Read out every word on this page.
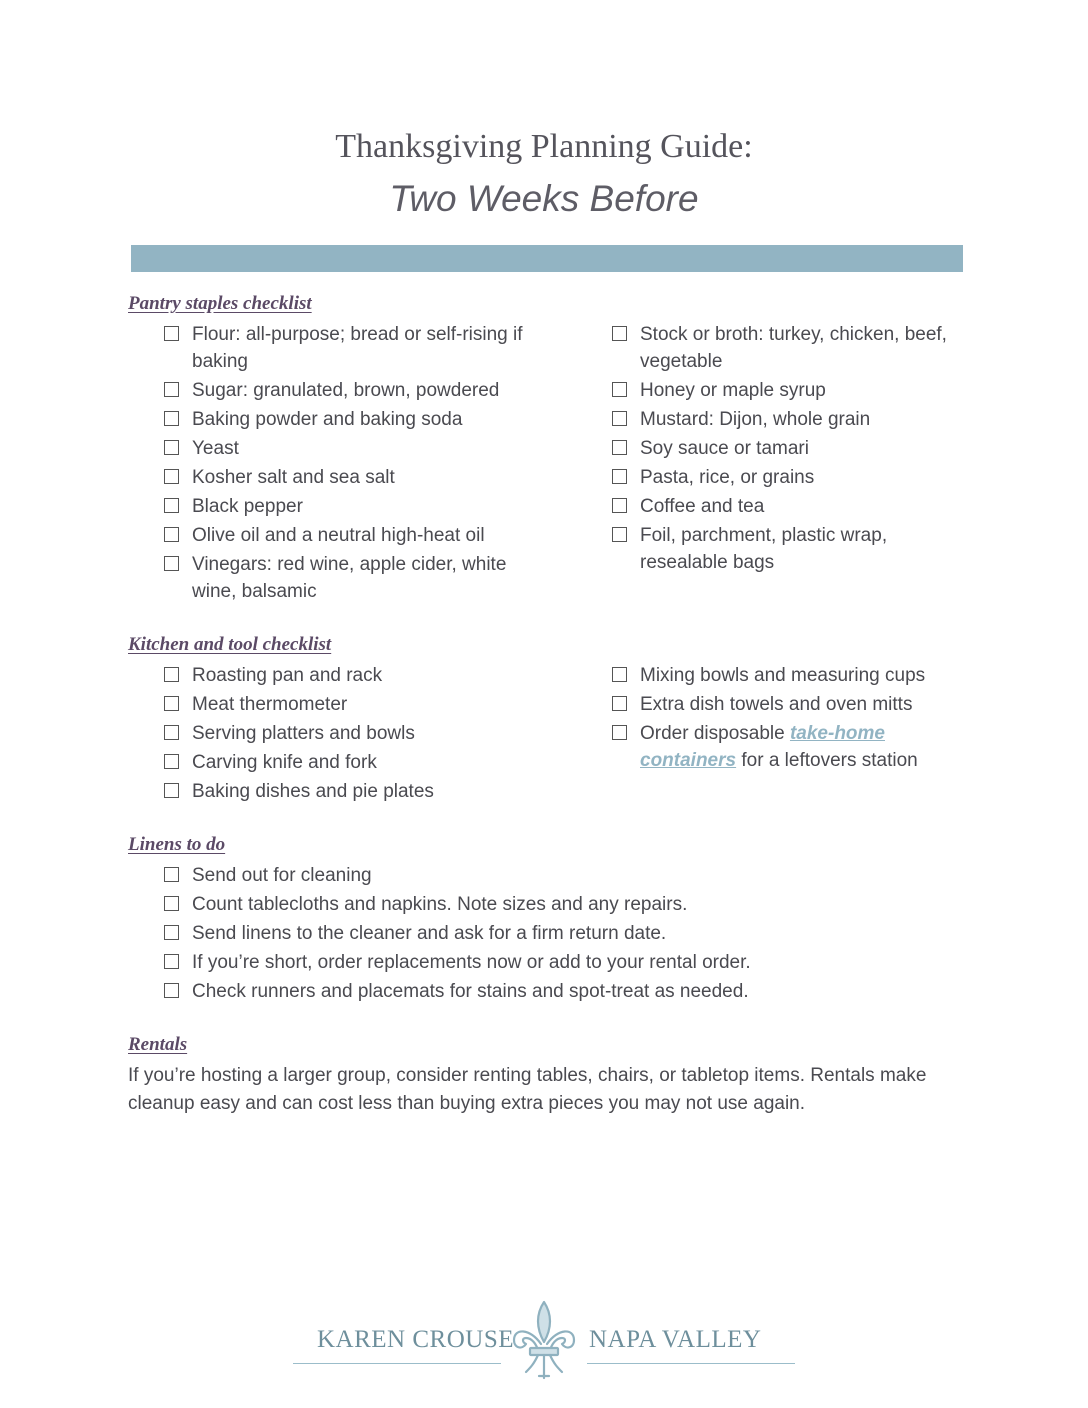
Thanksgiving Planning Guide:
Two Weeks Before
Pantry staples checklist
Flour: all-purpose; bread or self-rising if baking
Sugar: granulated, brown, powdered
Baking powder and baking soda
Yeast
Kosher salt and sea salt
Black pepper
Olive oil and a neutral high-heat oil
Vinegars: red wine, apple cider, white wine, balsamic
Stock or broth: turkey, chicken, beef, vegetable
Honey or maple syrup
Mustard: Dijon, whole grain
Soy sauce or tamari
Pasta, rice, or grains
Coffee and tea
Foil, parchment, plastic wrap, resealable bags
Kitchen and tool checklist
Roasting pan and rack
Meat thermometer
Serving platters and bowls
Carving knife and fork
Baking dishes and pie plates
Mixing bowls and measuring cups
Extra dish towels and oven mitts
Order disposable take-home containers for a leftovers station
Linens to do
Send out for cleaning
Count tablecloths and napkins. Note sizes and any repairs.
Send linens to the cleaner and ask for a firm return date.
If you’re short, order replacements now or add to your rental order.
Check runners and placemats for stains and spot-treat as needed.
Rentals
If you’re hosting a larger group, consider renting tables, chairs, or tabletop items. Rentals make cleanup easy and can cost less than buying extra pieces you may not use again.
KAREN CROUSE	NAPA VALLEY
